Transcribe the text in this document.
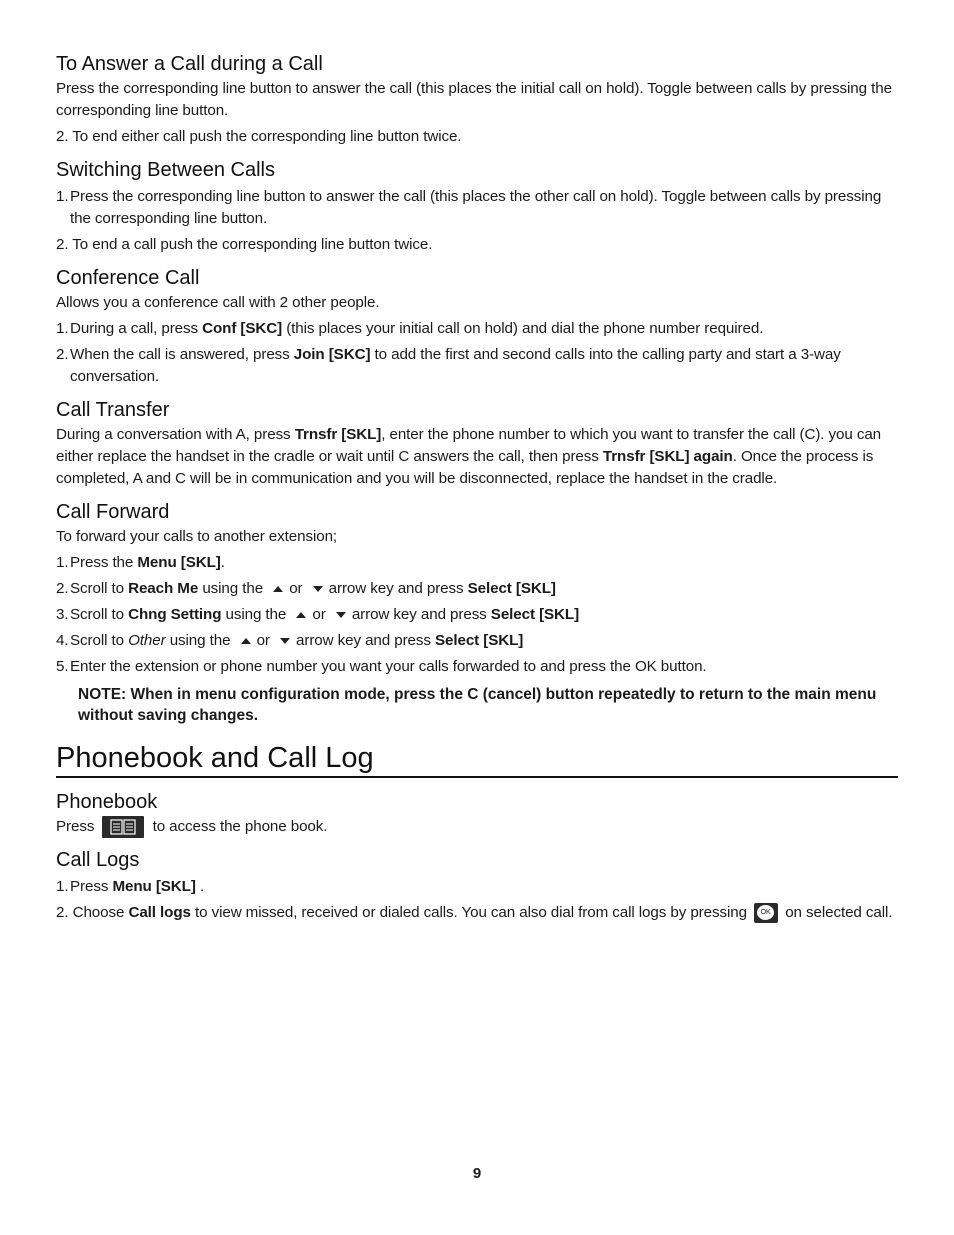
To Answer a Call during a Call

Press the corresponding line button to answer the call (this places the initial call on hold). Toggle between calls by pressing the corresponding line button.

2. To end either call push the corresponding line button twice.

Switching Between Calls
1. Press the corresponding line button to answer the call (this places the other call on hold). Toggle between calls by pressing the corresponding line button.

2. To end a call push the corresponding line button twice.

Conference Call

Allows you a conference call with 2 other people.

1. During a call, press Conf [SKC] (this places your initial call on hold) and dial the phone number required.
2. When the call is answered, press Join [SKC] to add the first and second calls into the calling party and start a 3-way conversation.
Call Transfer

During a conversation with A, press Trnsfr [SKL], enter the phone number to which you want to transfer the call (C). you can either replace the handset in the cradle or wait until C answers the call, then press Trnsfr [SKL] again. Once the process is completed, A and C will be in communication and you will be disconnected, replace the handset in the cradle.

Call Forward

To forward your calls to another extension;

1. Press the Menu [SKL].
2. Scroll to Reach Me using the or arrow key and press Select [SKL]
3. Scroll to Chng Setting using the or arrow key and press Select [SKL]
4. Scroll to Other using the or arrow key and press Select [SKL]
5. Enter the extension or phone number you want your calls forwarded to and press the OK button.
NOTE: When in menu configuration mode, press the C (cancel) button repeatedly to return to the main menu without saving changes.
Phonebook and Call Log
Phonebook

Press	to access the phone book.

Call Logs
1. Press Menu [SKL] .

2. Choose Call logs to view missed, received or dialed calls. You can also dial from call logs by pressing	OK on selected call.

9
